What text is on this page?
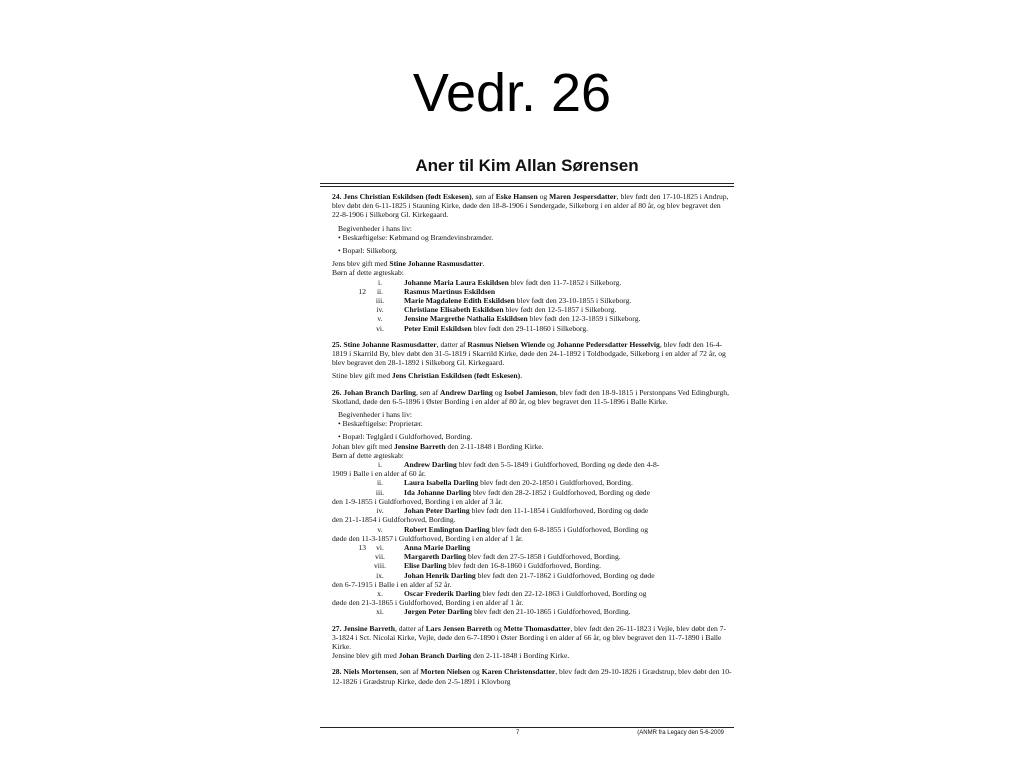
Vedr. 26
Aner til Kim Allan Sørensen

24. Jens Christian Eskildsen (født Eskesen), søn af Eske Hansen og Maren Jespersdatter, blev født den 17-10-1825 i Andrup, blev døbt den 6-11-1825 i Stauning Kirke, døde den 18-8-1906 i Søndergade, Silkeborg i en alder af 80 år, og blev begravet den 22-8-1906 i Silkeborg Gl. Kirkegaard.

Begivenheder i hans liv:

• Beskæftigelse: Købmand og Brændevinsbrænder.

• Bopæl: Silkeborg.

Jens blev gift med Stine Johanne Rasmusdatter.

Børn af dette ægteskab:

i.	Johanne Maria Laura Eskildsen blev født den 11-7-1852 i Silkeborg.
12	ii.	Rasmus Martinus Eskildsen
iii.	Marie Magdalene Edith Eskildsen blev født den 23-10-1855 i Silkeborg.
iv.	Christiane Elisabeth Eskildsen blev født den 12-5-1857 i Silkeborg.
v.	Jensine Margrethe Nathalia Eskildsen blev født den 12-3-1859 i Silkeborg.
vi.	Peter Emil Eskildsen blev født den 29-11-1860 i Silkeborg.

25. Stine Johanne Rasmusdatter, datter af Rasmus Nielsen Wiende og Johanne Pedersdatter Hesselvig, blev født den 16-4-1819 i Skarrild By, blev døbt den 31-5-1819 i Skarrild Kirke, døde den 24-1-1892 i Toldbodgade, Silkeborg i en alder af 72 år, og blev begravet den 28-1-1892 i Silkeborg Gl. Kirkegaard.

Stine blev gift med Jens Christian Eskildsen (født Eskesen).

26. Johan Branch Darling, søn af Andrew Darling og Isobel Jamieson, blev født den 18-9-1815 i Perstonpans Ved Edingburgh, Skotland, døde den 6-5-1896 i Øster Bording i en alder af 80 år, og blev begravet den 11-5-1896 i Balle Kirke.

Begivenheder i hans liv:

• Beskæftigelse: Proprietær.

• Bopæl: Teglgård i Guldforhoved, Bording.

Johan blev gift med Jensine Barreth den 2-11-1848 i Bording Kirke.

Børn af dette ægteskab:

i.	Andrew Darling blev født den 5-5-1849 i Guldforhoved, Bording og døde den 4-8-

1909 i Balle i en alder af 60 år.

ii.	Laura Isabella Darling blev født den 20-2-1850 i Guldforhoved, Bording.
iii.	Ida Johanne Darling blev født den 28-2-1852 i Guldforhoved, Bording og døde

den 1-9-1855 i Guldforhoved, Bording i en alder af 3 år.

iv.	Johan Peter Darling blev født den 11-1-1854 i Guldforhoved, Bording og døde

den 21-1-1854 i Guldforhoved, Bording.

v.	Robert Emlington Darling blev født den 6-8-1855 i Guldforhoved, Bording og

døde den 11-3-1857 i Guldforhoved, Bording i en alder af 1 år.

13	vi.	Anna Marie Darling
vii.	Margareth Darling blev født den 27-5-1858 i Guldforhoved, Bording.
viii.	Elise Darling blev født den 16-8-1860 i Guldforhoved, Bording.
ix.	Johan Henrik Darling blev født den 21-7-1862 i Guldforhoved, Bording og døde

den 6-7-1915 i Balle i en alder af 52 år.

x.	Oscar Frederik Darling blev født den 22-12-1863 i Guldforhoved, Bording og

døde den 21-3-1865 i Guldforhoved, Bording i en alder af 1 år.

xi.	Jørgen Peter Darling blev født den 21-10-1865 i Guldforhoved, Bording.

27. Jensine Barreth, datter af Lars Jensen Barreth og Mette Thomasdatter, blev født den 26-11-1823 i Vejle, blev døbt den 7-3-1824 i Sct. Nicolai Kirke, Vejle, døde den 6-7-1890 i Øster Bording i en alder af 66 år, og blev begravet den 11-7-1890 i Balle Kirke.

Jensine blev gift med Johan Branch Darling den 2-11-1848 i Bording Kirke.

28. Niels Mortensen, søn af Morten Nielsen og Karen Christensdatter, blev født den 29-10-1826 i Grædstrup, blev døbt den 10-12-1826 i Grædstrup Kirke, døde den 2-5-1891 i Klovborg

7	(ANMR fra Legacy den 5-6-2009
